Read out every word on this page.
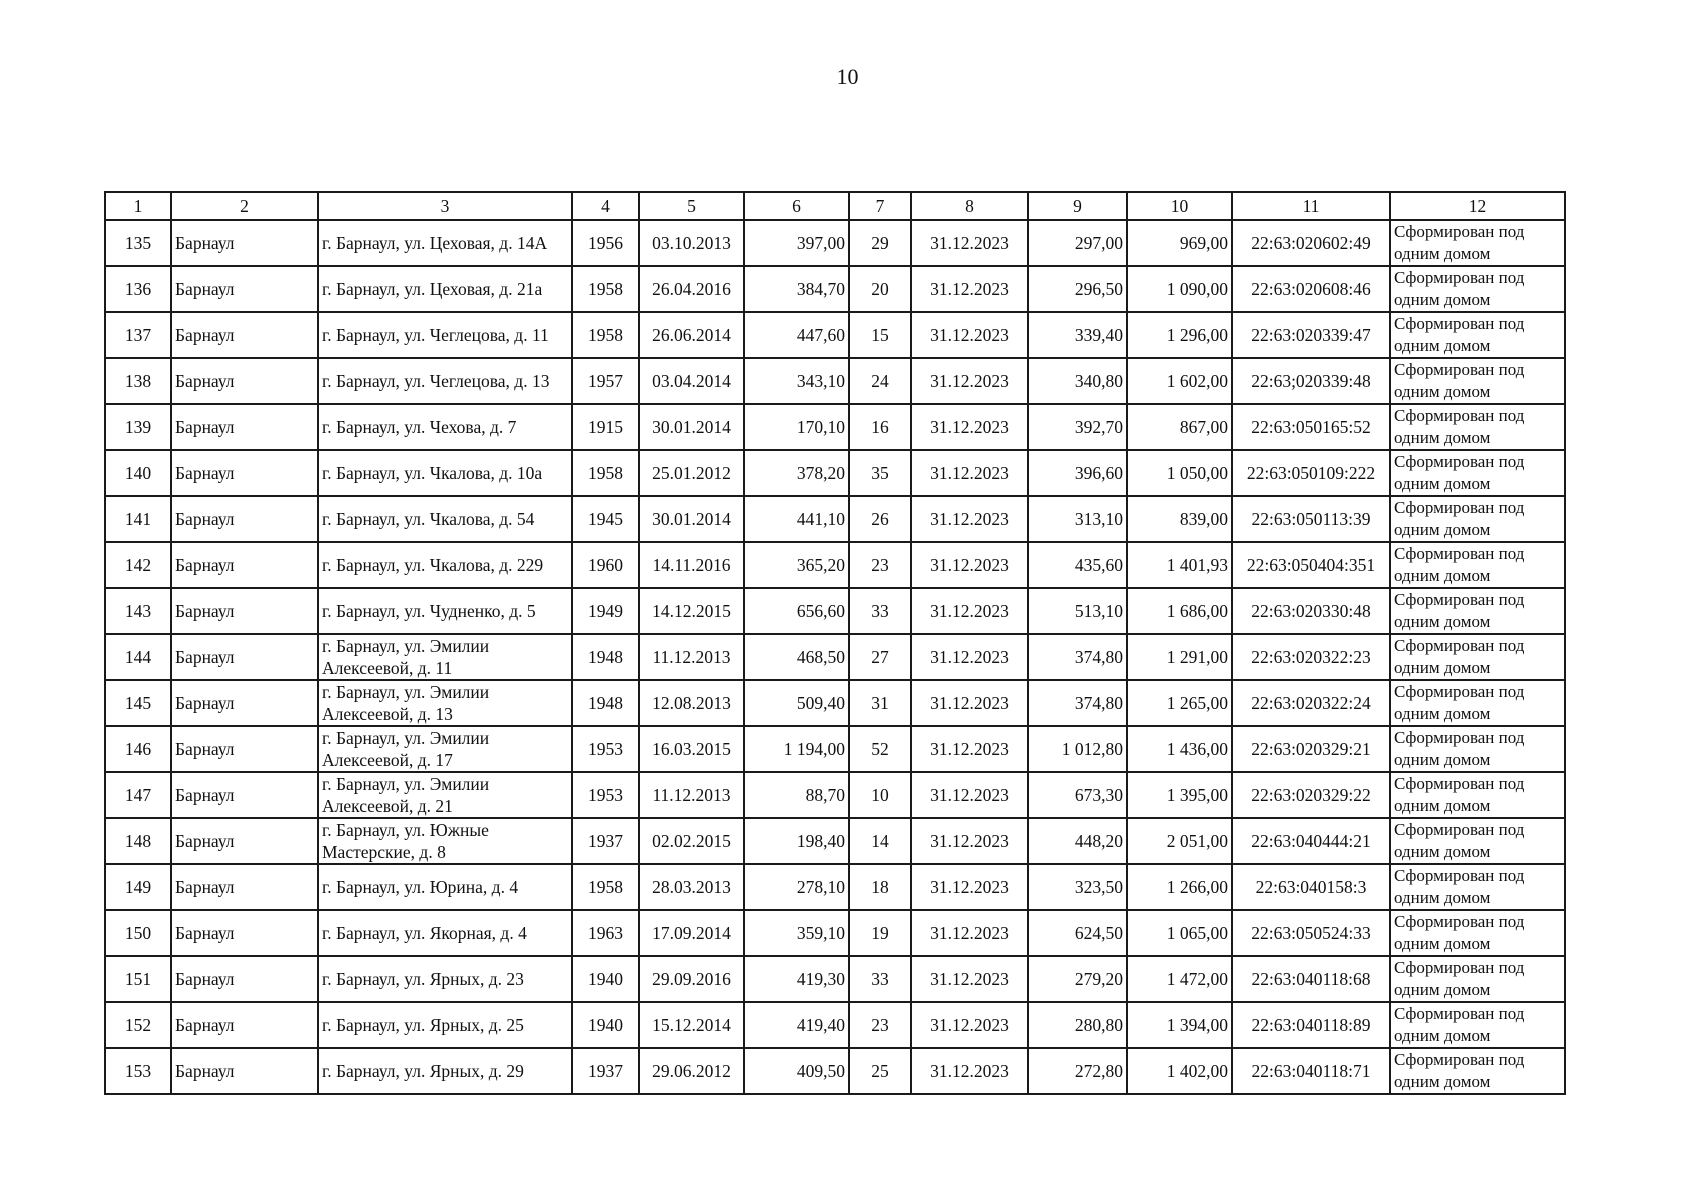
10
1	2	3	4	5	6	7	8	9	10	11	12
135	Барнаул	г. Барнаул, ул. Цеховая, д. 14А	1956	03.10.2013	397,00	29	31.12.2023	297,00	969,00	22:63:020602:49	Сформирован под одним домом
136	Барнаул	г. Барнаул, ул. Цеховая, д. 21а	1958	26.04.2016	384,70	20	31.12.2023	296,50	1 090,00	22:63:020608:46	Сформирован под одним домом
137	Барнаул	г. Барнаул, ул. Чеглецова, д. 11	1958	26.06.2014	447,60	15	31.12.2023	339,40	1 296,00	22:63:020339:47	Сформирован под одним домом
138	Барнаул	г. Барнаул, ул. Чеглецова, д. 13	1957	03.04.2014	343,10	24	31.12.2023	340,80	1 602,00	22:63;020339:48	Сформирован под одним домом
139	Барнаул	г. Барнаул, ул. Чехова, д. 7	1915	30.01.2014	170,10	16	31.12.2023	392,70	867,00	22:63:050165:52	Сформирован под одним домом
140	Барнаул	г. Барнаул, ул. Чкалова, д. 10а	1958	25.01.2012	378,20	35	31.12.2023	396,60	1 050,00	22:63:050109:222	Сформирован под одним домом
141	Барнаул	г. Барнаул, ул. Чкалова, д. 54	1945	30.01.2014	441,10	26	31.12.2023	313,10	839,00	22:63:050113:39	Сформирован под одним домом
142	Барнаул	г. Барнаул, ул. Чкалова, д. 229	1960	14.11.2016	365,20	23	31.12.2023	435,60	1 401,93	22:63:050404:351	Сформирован под одним домом
143	Барнаул	г. Барнаул, ул. Чудненко, д. 5	1949	14.12.2015	656,60	33	31.12.2023	513,10	1 686,00	22:63:020330:48	Сформирован под одним домом
144	Барнаул	г. Барнаул, ул. Эмилии Алексеевой, д. 11	1948	11.12.2013	468,50	27	31.12.2023	374,80	1 291,00	22:63:020322:23	Сформирован под одним домом
145	Барнаул	г. Барнаул, ул. Эмилии Алексеевой, д. 13	1948	12.08.2013	509,40	31	31.12.2023	374,80	1 265,00	22:63:020322:24	Сформирован под одним домом
146	Барнаул	г. Барнаул, ул. Эмилии Алексеевой, д. 17	1953	16.03.2015	1 194,00	52	31.12.2023	1 012,80	1 436,00	22:63:020329:21	Сформирован под одним домом
147	Барнаул	г. Барнаул, ул. Эмилии Алексеевой, д. 21	1953	11.12.2013	88,70	10	31.12.2023	673,30	1 395,00	22:63:020329:22	Сформирован под одним домом
148	Барнаул	г. Барнаул, ул. Южные Мастерские, д. 8	1937	02.02.2015	198,40	14	31.12.2023	448,20	2 051,00	22:63:040444:21	Сформирован под одним домом
149	Барнаул	г. Барнаул, ул. Юрина, д. 4	1958	28.03.2013	278,10	18	31.12.2023	323,50	1 266,00	22:63:040158:3	Сформирован под одним домом
150	Барнаул	г. Барнаул, ул. Якорная, д. 4	1963	17.09.2014	359,10	19	31.12.2023	624,50	1 065,00	22:63:050524:33	Сформирован под одним домом
151	Барнаул	г. Барнаул, ул. Ярных, д. 23	1940	29.09.2016	419,30	33	31.12.2023	279,20	1 472,00	22:63:040118:68	Сформирован под одним домом
152	Барнаул	г. Барнаул, ул. Ярных, д. 25	1940	15.12.2014	419,40	23	31.12.2023	280,80	1 394,00	22:63:040118:89	Сформирован под одним домом
153	Барнаул	г. Барнаул, ул. Ярных, д. 29	1937	29.06.2012	409,50	25	31.12.2023	272,80	1 402,00	22:63:040118:71	Сформирован под одним домом
